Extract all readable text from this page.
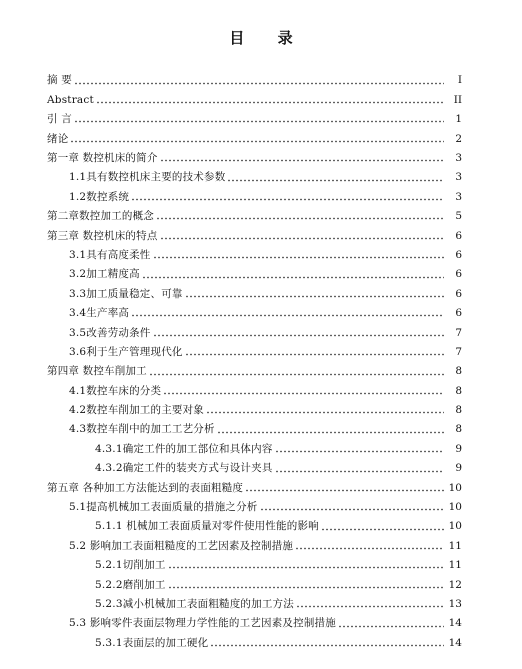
目 录
摘 要	I
Abstract	II
引 言	1
绪论	2
第一章 数控机床的简介	3
1.1具有数控机床主要的技术参数	3
1.2数控系统	3
第二章数控加工的概念	5
第三章 数控机床的特点	6
3.1具有高度柔性	6
3.2加工精度高	6
3.3加工质量稳定、可靠	6
3.4生产率高	6
3.5改善劳动条件	7
3.6利于生产管理现代化	7
第四章 数控车削加工	8
4.1数控车床的分类	8
4.2数控车削加工的主要对象	8
4.3数控车削中的加工工艺分析	8
4.3.1确定工件的加工部位和具体内容	9
4.3.2确定工件的装夹方式与设计夹具	9
第五章 各种加工方法能达到的表面粗糙度	10
5.1提高机械加工表面质量的措施之分析	10
5.1.1 机械加工表面质量对零件使用性能的影响	10
5.2 影响加工表面粗糙度的工艺因素及控制措施	11
5.2.1切削加工	11
5.2.2磨削加工	12
5.2.3减小机械加工表面粗糙度的加工方法	13
5.3 影响零件表面层物理力学性能的工艺因素及控制措施	14
5.3.1表面层的加工硬化	14
